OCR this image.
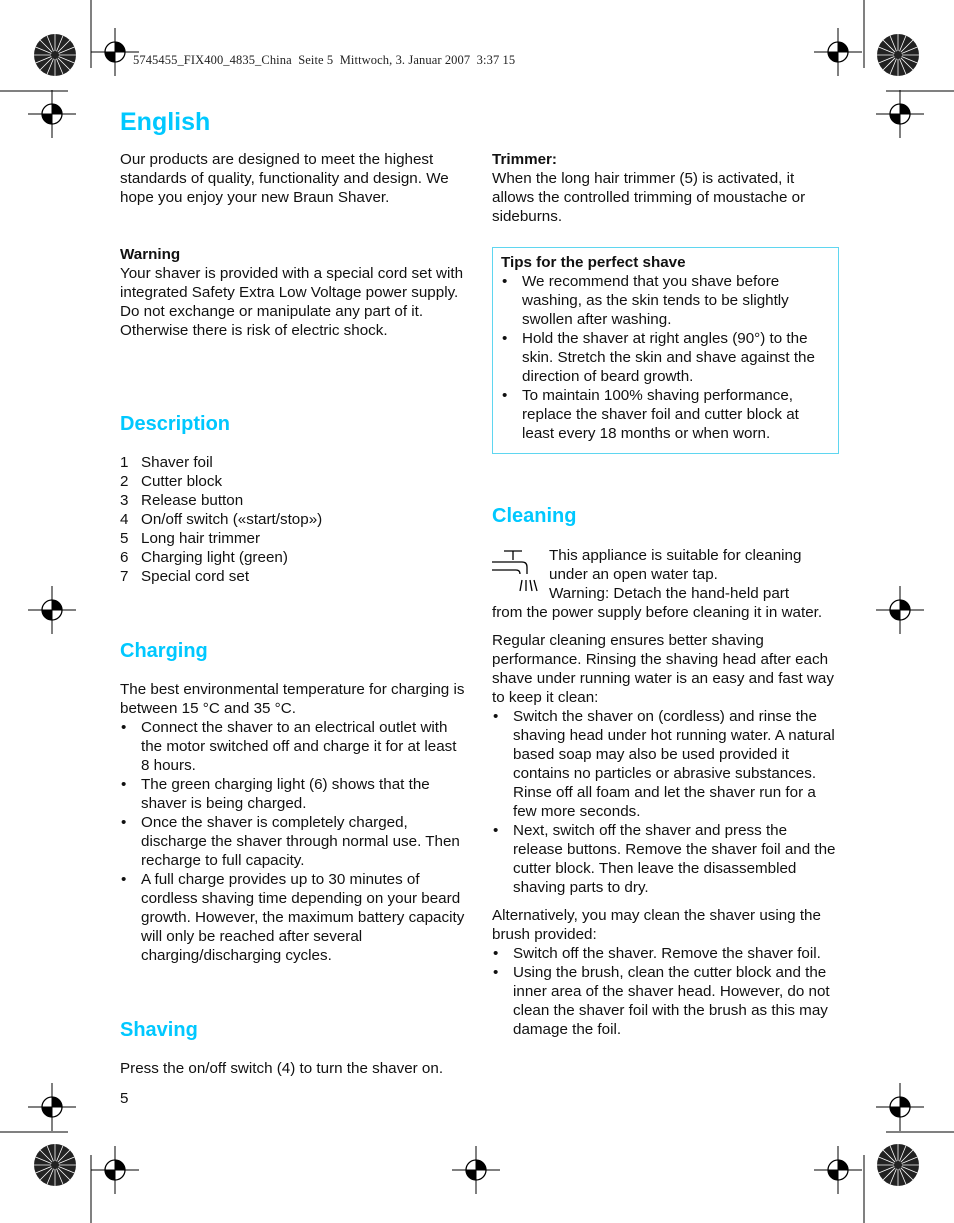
5745455_FIX400_4835_China  Seite 5  Mittwoch, 3. Januar 2007  3:37 15
English

Our products are designed to meet the highest standards of quality, functionality and design. We hope you enjoy your new Braun Shaver.

Warning

Your shaver is provided with a special cord set with integrated Safety Extra Low Voltage power supply. Do not exchange or manipulate any part of it. Otherwise there is risk of electric shock.

Description
1 Shaver foil
2 Cutter block
3 Release button
4 On/off switch («start/stop»)
5 Long hair trimmer
6 Charging light (green)
7 Special cord set
Charging

The best environmental temperature for charging is between 15 °C and 35 °C.

• Connect the shaver to an electrical outlet with the motor switched off and charge it for at least 8 hours.
• The green charging light (6) shows that the shaver is being charged.
• Once the shaver is completely charged, discharge the shaver through normal use. Then recharge to full capacity.
• A full charge provides up to 30 minutes of cordless shaving time depending on your beard growth. However, the maximum battery capacity will only be reached after several charging/discharging cycles.
Shaving

Press the on/off switch (4) to turn the shaver on.

5

Trimmer:

When the long hair trimmer (5) is activated, it allows the controlled trimming of moustache or sideburns.

Tips for the perfect shave

• We recommend that you shave before washing, as the skin tends to be slightly swollen after washing.
• Hold the shaver at right angles (90°) to the skin. Stretch the skin and shave against the direction of beard growth.
• To maintain 100% shaving performance, replace the shaver foil and cutter block at least every 18 months or when worn.
Cleaning

This appliance is suitable for cleaning under an open water tap.

Warning: Detach the hand-held part

from the power supply before cleaning it in water.

Regular cleaning ensures better shaving performance. Rinsing the shaving head after each shave under running water is an easy and fast way to keep it clean:

• Switch the shaver on (cordless) and rinse the shaving head under hot running water. A natural based soap may also be used provided it contains no particles or abrasive substances. Rinse off all foam and let the shaver run for a few more seconds.
• Next, switch off the shaver and press the release buttons. Remove the shaver foil and the cutter block. Then leave the disassembled shaving parts to dry.

Alternatively, you may clean the shaver using the brush provided:

• Switch off the shaver. Remove the shaver foil.
• Using the brush, clean the cutter block and the inner area of the shaver head. However, do not clean the shaver foil with the brush as this may damage the foil.
